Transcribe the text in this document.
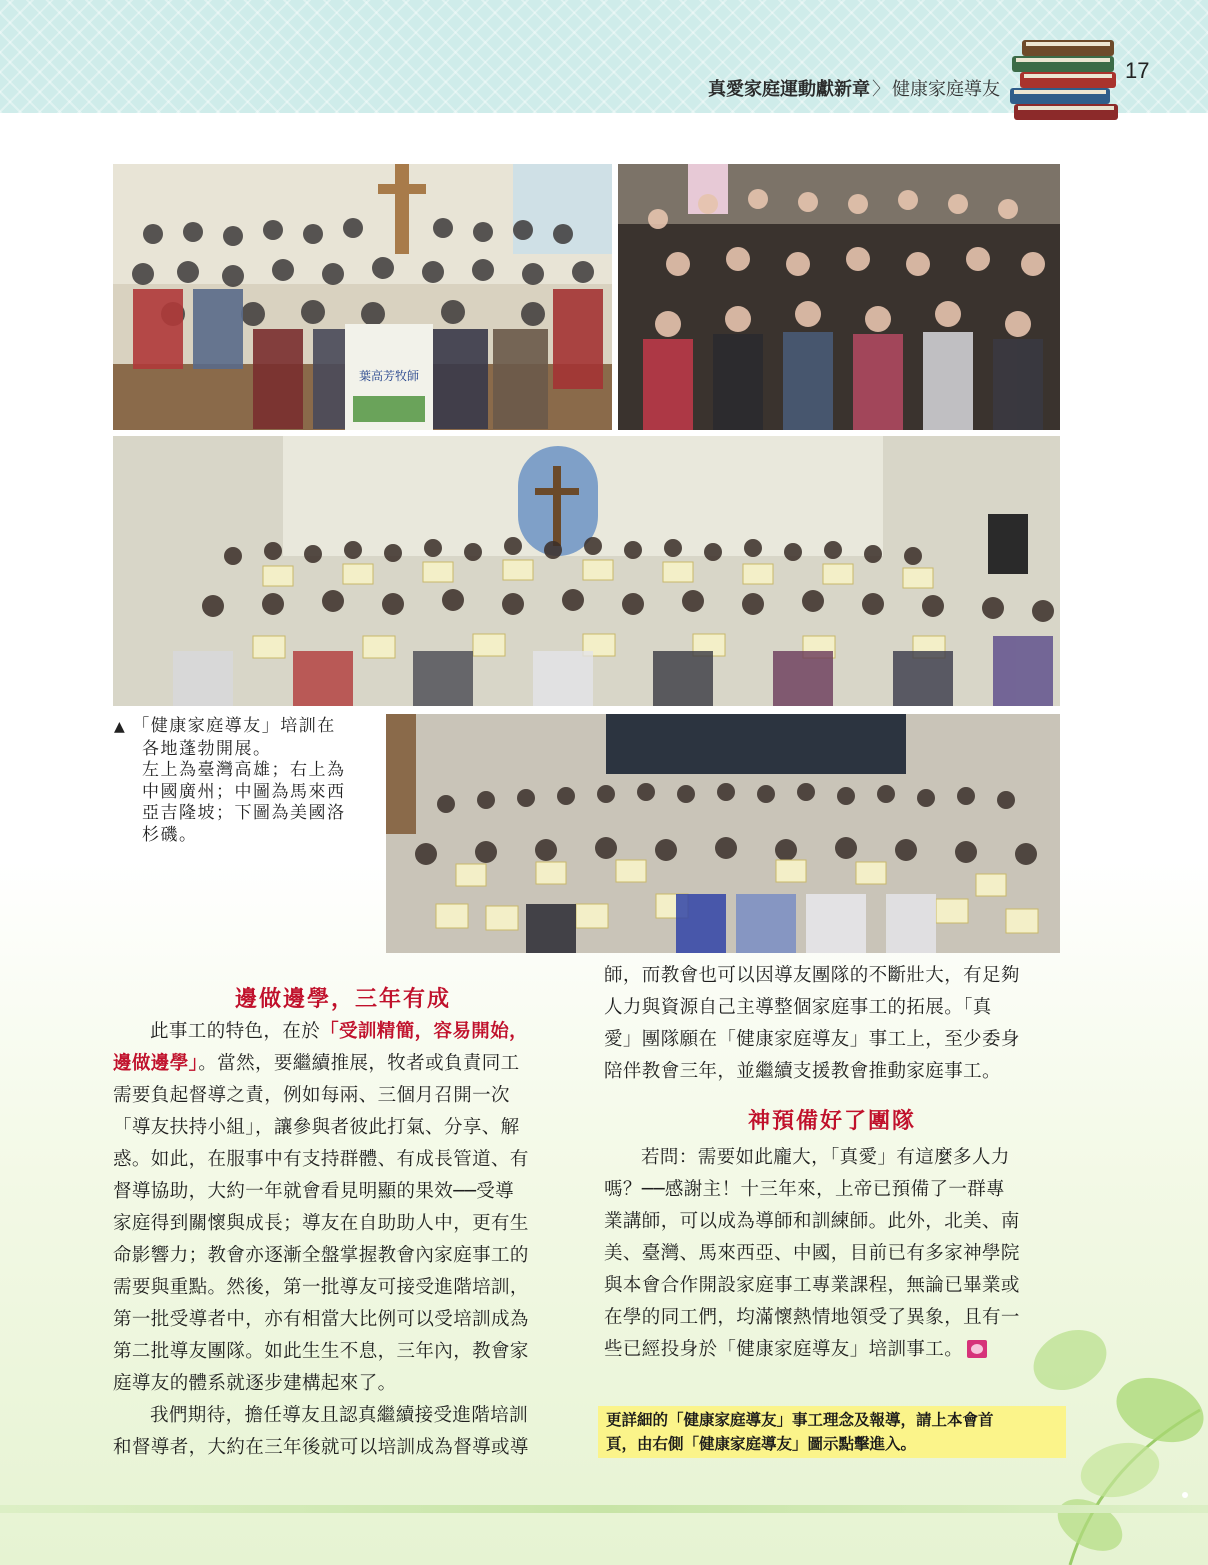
真愛家庭運動獻新章 〉 健康家庭導友
17
葉高芳牧師
▲ 「健康家庭導友」培訓在
各地蓬勃開展。
左上為臺灣高雄；右上為
中國廣州；中圖為馬來西
亞吉隆坡；下圖為美國洛
杉磯。
邊做邊學，三年有成

此事工的特色，在於「受訓精簡，容易開始，
邊做邊學」。當然，要繼續推展，牧者或負責同工
需要負起督導之責，例如每兩、三個月召開一次
「導友扶持小組」，讓參與者彼此打氣、分享、解
惑。如此，在服事中有支持群體、有成長管道、有
督導協助，大約一年就會看見明顯的果效──受導
家庭得到關懷與成長；導友在自助助人中，更有生
命影響力；教會亦逐漸全盤掌握教會內家庭事工的
需要與重點。然後，第一批導友可接受進階培訓，
第一批受導者中，亦有相當大比例可以受培訓成為
第二批導友團隊。如此生生不息，三年內，教會家
庭導友的體系就逐步建構起來了。

我們期待，擔任導友且認真繼續接受進階培訓
和督導者，大約在三年後就可以培訓成為督導或導

師，而教會也可以因導友團隊的不斷壯大，有足夠
人力與資源自己主導整個家庭事工的拓展。「真
愛」團隊願在「健康家庭導友」事工上，至少委身
陪伴教會三年，並繼續支援教會推動家庭事工。

神預備好了團隊

若問：需要如此龐大，「真愛」有這麼多人力
嗎？──感謝主！十三年來，上帝已預備了一群專
業講師，可以成為導師和訓練師。此外，北美、南
美、臺灣、馬來西亞、中國，目前已有多家神學院
與本會合作開設家庭事工專業課程，無論已畢業或
在學的同工們，均滿懷熱情地領受了異象，且有一
些已經投身於「健康家庭導友」培訓事工。

更詳細的「健康家庭導友」事工理念及報導，請上本會首
頁，由右側「健康家庭導友」圖示點擊進入。
